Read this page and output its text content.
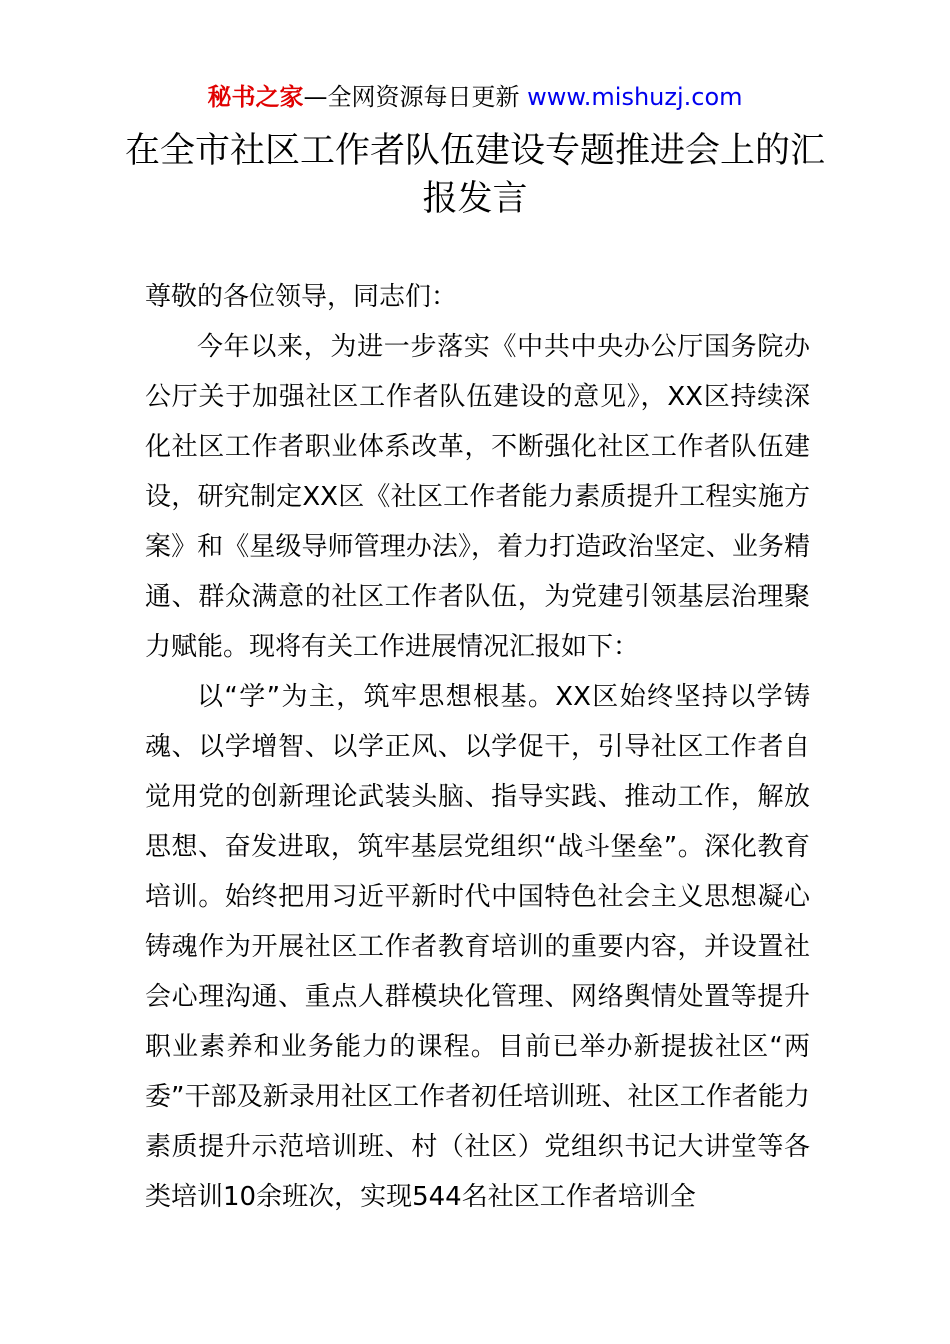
秘书之家—全网资源每日更新 www.mishuzj.com
在全市社区工作者队伍建设专题推进会上的汇报发言

尊敬的各位领导，同志们：

今年以来，为进一步落实《中共中央办公厅国务院办公厅关于加强社区工作者队伍建设的意见》，XX区持续深化社区工作者职业体系改革，不断强化社区工作者队伍建设，研究制定XX区《社区工作者能力素质提升工程实施方案》和《星级导师管理办法》，着力打造政治坚定、业务精通、群众满意的社区工作者队伍，为党建引领基层治理聚力赋能。现将有关工作进展情况汇报如下：

以“学”为主，筑牢思想根基。XX区始终坚持以学铸魂、以学增智、以学正风、以学促干，引导社区工作者自觉用党的创新理论武装头脑、指导实践、推动工作，解放思想、奋发进取，筑牢基层党组织“战斗堡垒”。深化教育培训。始终把用习近平新时代中国特色社会主义思想凝心铸魂作为开展社区工作者教育培训的重要内容，并设置社会心理沟通、重点人群模块化管理、网络舆情处置等提升职业素养和业务能力的课程。目前已举办新提拔社区“两委”干部及新录用社区工作者初任培训班、社区工作者能力素质提升示范培训班、村（社区）党组织书记大讲堂等各类培训10余班次，实现544名社区工作者培训全
